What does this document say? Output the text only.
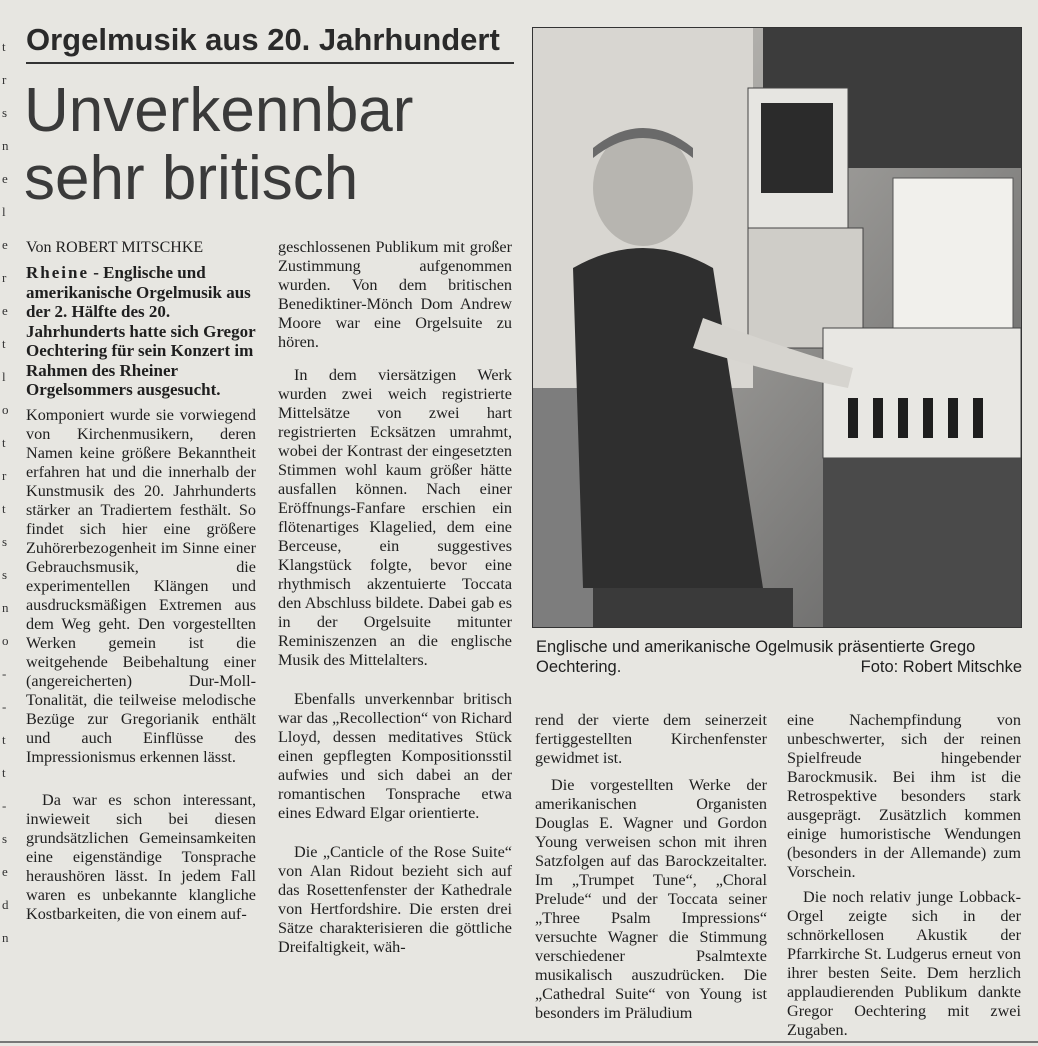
t
r
s
n
e
l
e
r
e
t
l
o
t
r
t
s
s
n
o
-
-
t
t
-
s
e
d
n
Orgelmusik aus 20. Jahrhundert
Unverkennbar
sehr britisch
Von ROBERT MITSCHKE
Rheine - Englische und amerikanische Orgelmusik aus der 2. Hälfte des 20. Jahrhunderts hatte sich Gregor Oechtering für sein Konzert im Rahmen des Rheiner Orgelsommers ausgesucht.

Komponiert wurde sie vorwiegend von Kirchenmusikern, deren Namen keine größere Bekanntheit erfahren hat und die innerhalb der Kunstmusik des 20. Jahrhunderts stärker an Tradiertem festhält. So findet sich hier eine größere Zuhörerbezogenheit im Sinne einer Gebrauchsmusik, die experimentellen Klängen und ausdrucksmäßigen Extremen aus dem Weg geht. Den vorgestellten Werken gemein ist die weitgehende Beibehaltung einer (angereicherten) Dur-Moll-Tonalität, die teilweise melodische Bezüge zur Gregorianik enthält und auch Einflüsse des Impressionismus erkennen lässt.

Da war es schon interessant, inwieweit sich bei diesen grundsätzlichen Gemeinsamkeiten eine eigenständige Tonsprache heraushören lässt. In jedem Fall waren es unbekannte klangliche Kostbarkeiten, die von einem auf-

geschlossenen Publikum mit großer Zustimmung aufgenommen wurden. Von dem britischen Benediktiner-Mönch Dom Andrew Moore war eine Orgelsuite zu hören.

In dem viersätzigen Werk wurden zwei weich registrierte Mittelsätze von zwei hart registrierten Ecksätzen umrahmt, wobei der Kontrast der eingesetzten Stimmen wohl kaum größer hätte ausfallen können. Nach einer Eröffnungs-Fanfare erschien ein flötenartiges Klagelied, dem eine Berceuse, ein suggestives Klangstück folgte, bevor eine rhythmisch akzentuierte Toccata den Abschluss bildete. Dabei gab es in der Orgelsuite mitunter Reminiszenzen an die englische Musik des Mittelalters.

Ebenfalls unverkennbar britisch war das „Recollection“ von Richard Lloyd, dessen meditatives Stück einen gepflegten Kompositionsstil aufwies und sich dabei an der romantischen Tonsprache etwa eines Edward Elgar orientierte.

Die „Canticle of the Rose Suite“ von Alan Ridout bezieht sich auf das Rosettenfenster der Kathedrale von Hertfordshire. Die ersten drei Sätze charakterisieren die göttliche Dreifaltigkeit, wäh-

Englische und amerikanische Ogelmusik präsentierte Grego Oechtering.	Foto: Robert Mitschke

rend der vierte dem seinerzeit fertiggestellten Kirchenfenster gewidmet ist.

Die vorgestellten Werke der amerikanischen Organisten Douglas E. Wagner und Gordon Young verweisen schon mit ihren Satzfolgen auf das Barockzeitalter. Im „Trumpet Tune“, „Choral Prelude“ und der Toccata seiner „Three Psalm Impressions“ versuchte Wagner die Stimmung verschiedener Psalmtexte musikalisch auszudrücken. Die „Cathedral Suite“ von Young ist besonders im Präludium

eine Nachempfindung von unbeschwerter, sich der reinen Spielfreude hingebender Barockmusik. Bei ihm ist die Retrospektive besonders stark ausgeprägt. Zusätzlich kommen einige humoristische Wendungen (besonders in der Allemande) zum Vorschein.

Die noch relativ junge Lobback-Orgel zeigte sich in der schnörkellosen Akustik der Pfarrkirche St. Ludgerus erneut von ihrer besten Seite. Dem herzlich applaudierenden Publikum dankte Gregor Oechtering mit zwei Zugaben.
